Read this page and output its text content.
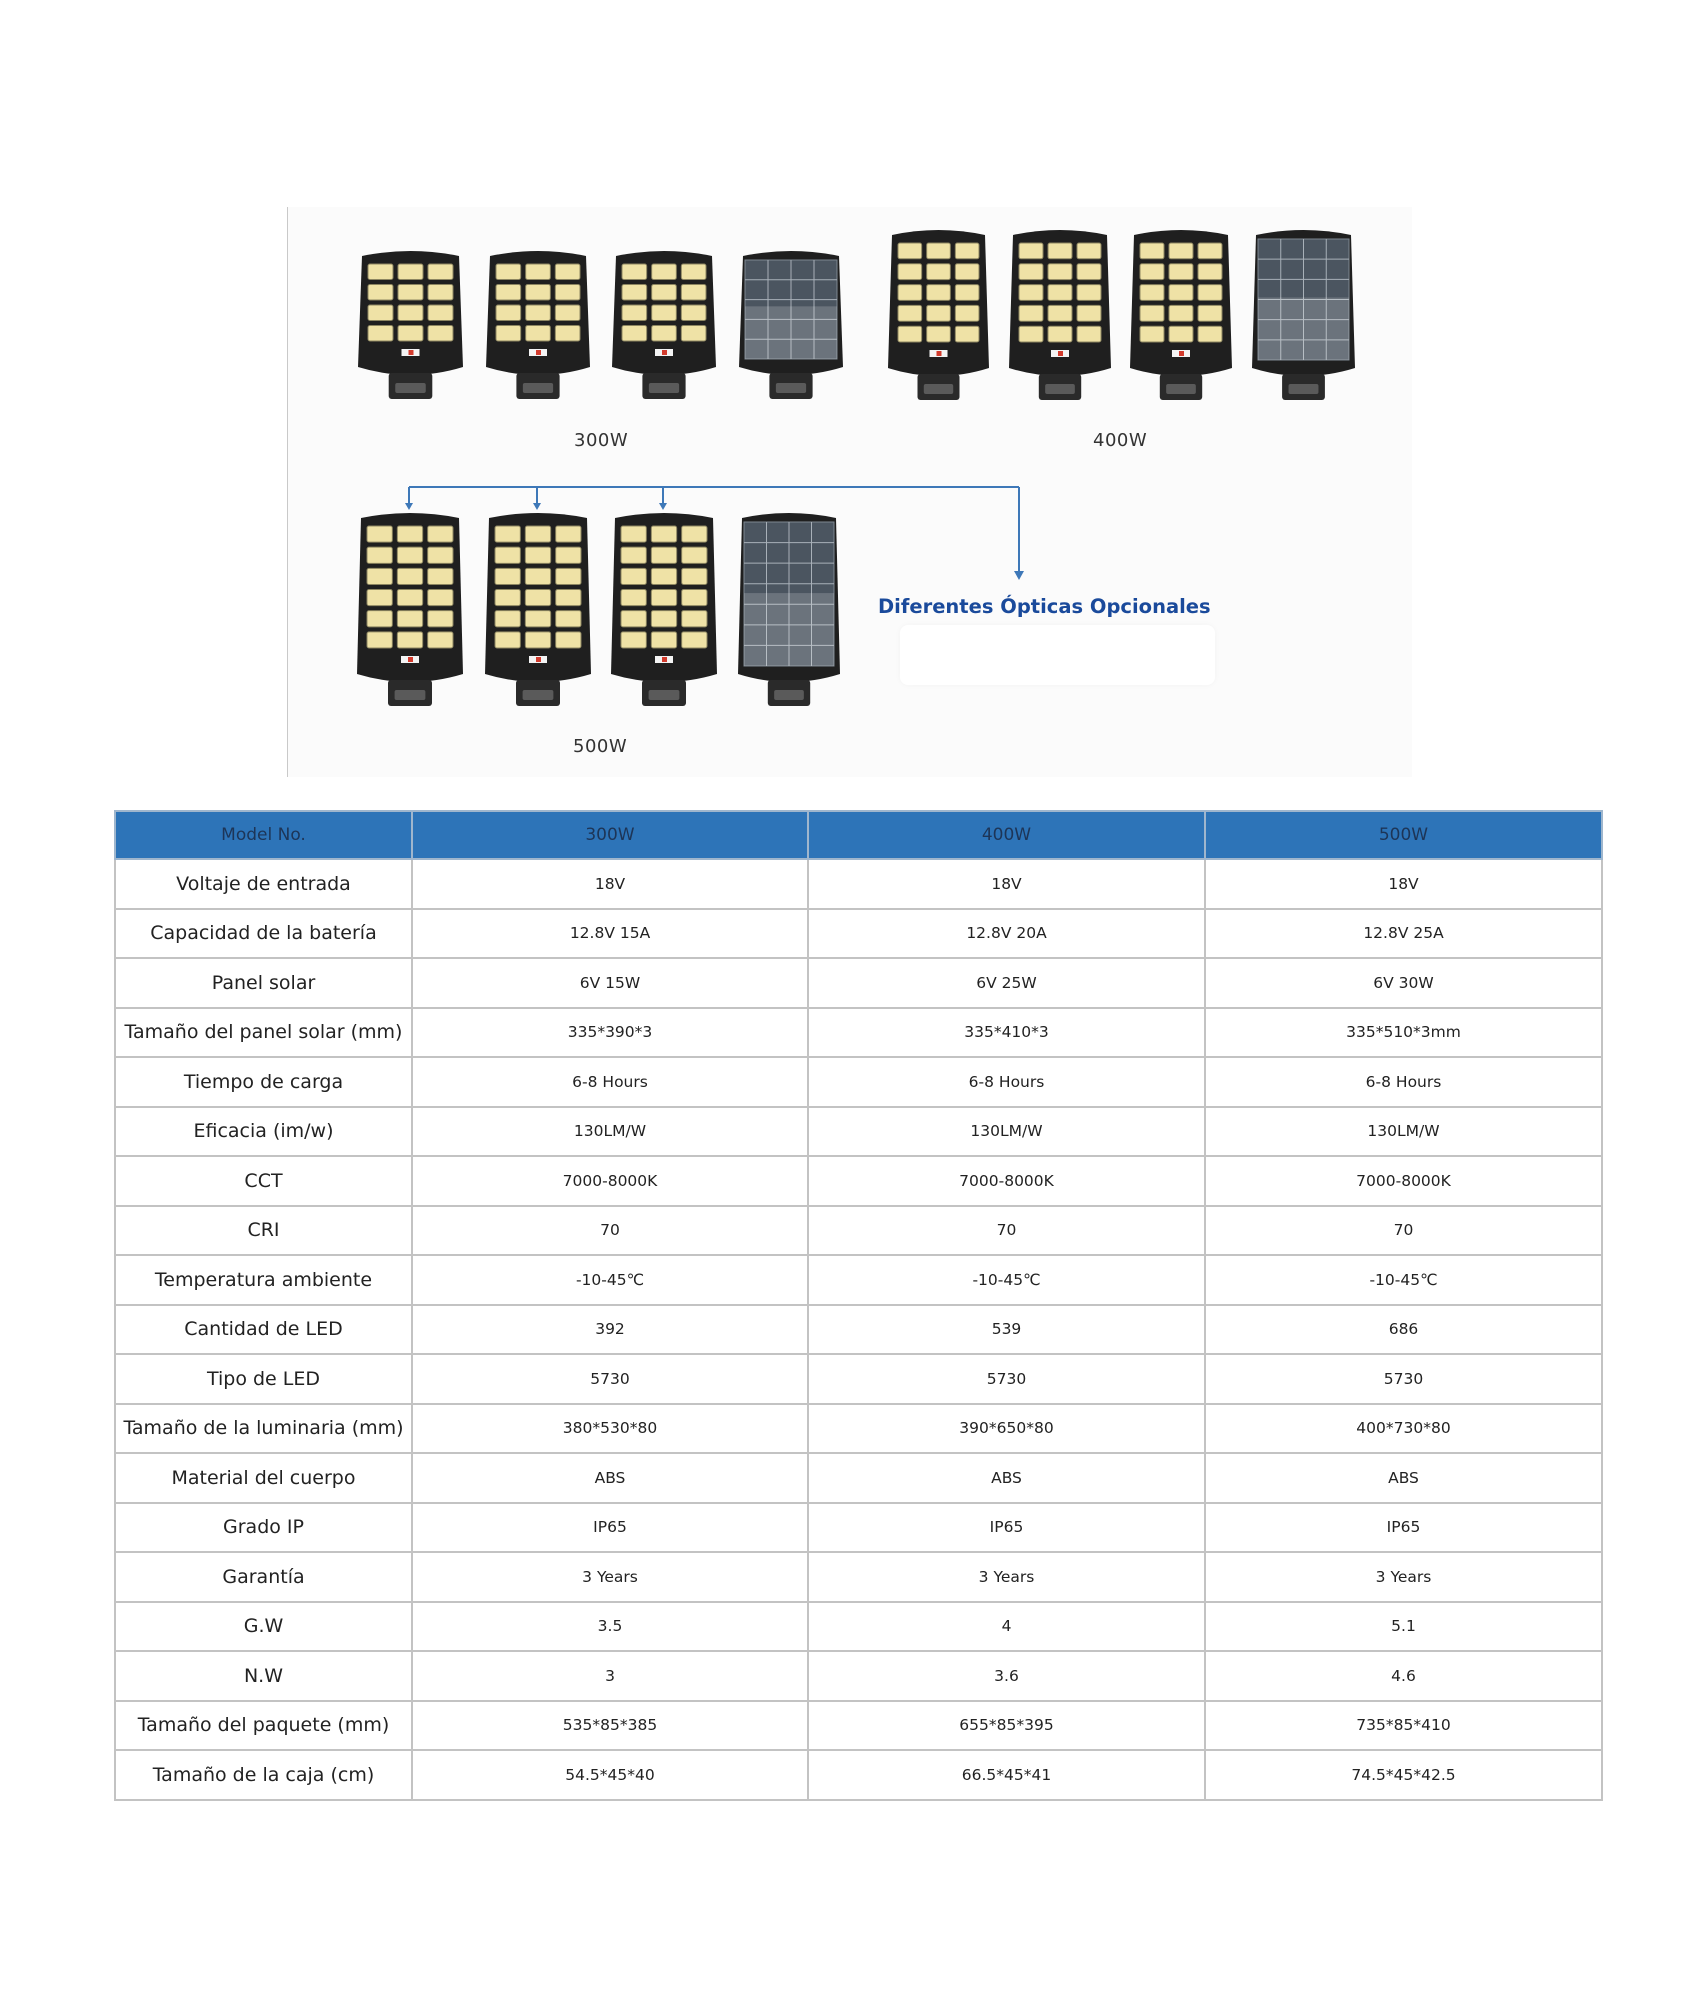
300W	400W
500W
Diferentes Ópticas Opcionales
Model No.	300W	400W	500W
Voltaje de entrada	18V	18V	18V
Capacidad de la batería	12.8V 15A	12.8V 20A	12.8V 25A
Panel solar	6V 15W	6V 25W	6V 30W
Tamaño del panel solar (mm)	335*390*3	335*410*3	335*510*3mm
Tiempo de carga	6-8 Hours	6-8 Hours	6-8 Hours
Eficacia (im/w)	130LM/W	130LM/W	130LM/W
CCT	7000-8000K	7000-8000K	7000-8000K
CRI	70	70	70
Temperatura ambiente	-10-45℃	-10-45℃	-10-45℃
Cantidad de LED	392	539	686
Tipo de LED	5730	5730	5730
Tamaño de la luminaria (mm)	380*530*80	390*650*80	400*730*80
Material del cuerpo	ABS	ABS	ABS
Grado IP	IP65	IP65	IP65
Garantía	3 Years	3 Years	3 Years
G.W	3.5	4	5.1
N.W	3	3.6	4.6
Tamaño del paquete (mm)	535*85*385	655*85*395	735*85*410
Tamaño de la caja (cm)	54.5*45*40	66.5*45*41	74.5*45*42.5
